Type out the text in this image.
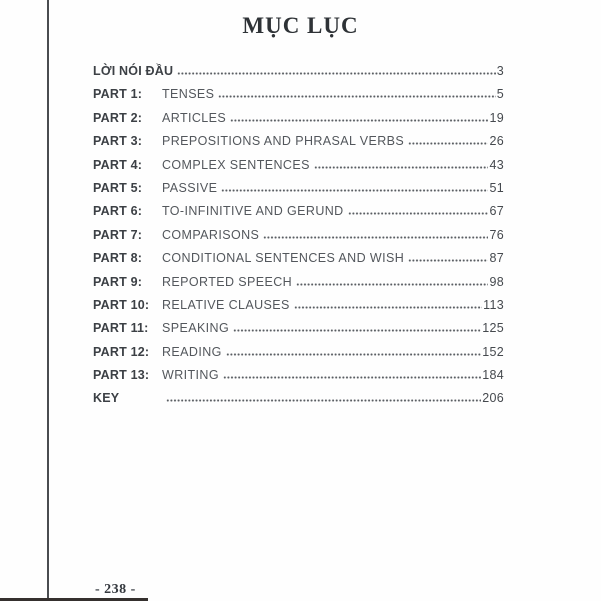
MỤC LỤC
LỜI NÓI ĐẦU	3
PART 1:	TENSES	5
PART 2:	ARTICLES	19
PART 3:	PREPOSITIONS AND PHRASAL VERBS	26
PART 4:	COMPLEX SENTENCES	43
PART 5:	PASSIVE	51
PART 6:	TO-INFINITIVE AND GERUND	67
PART 7:	COMPARISONS	76
PART 8:	CONDITIONAL SENTENCES AND WISH	87
PART 9:	REPORTED SPEECH	98
PART 10:	RELATIVE CLAUSES	113
PART 11:	SPEAKING	125
PART 12:	READING	152
PART 13:	WRITING	184
KEY	206
- 238 -
